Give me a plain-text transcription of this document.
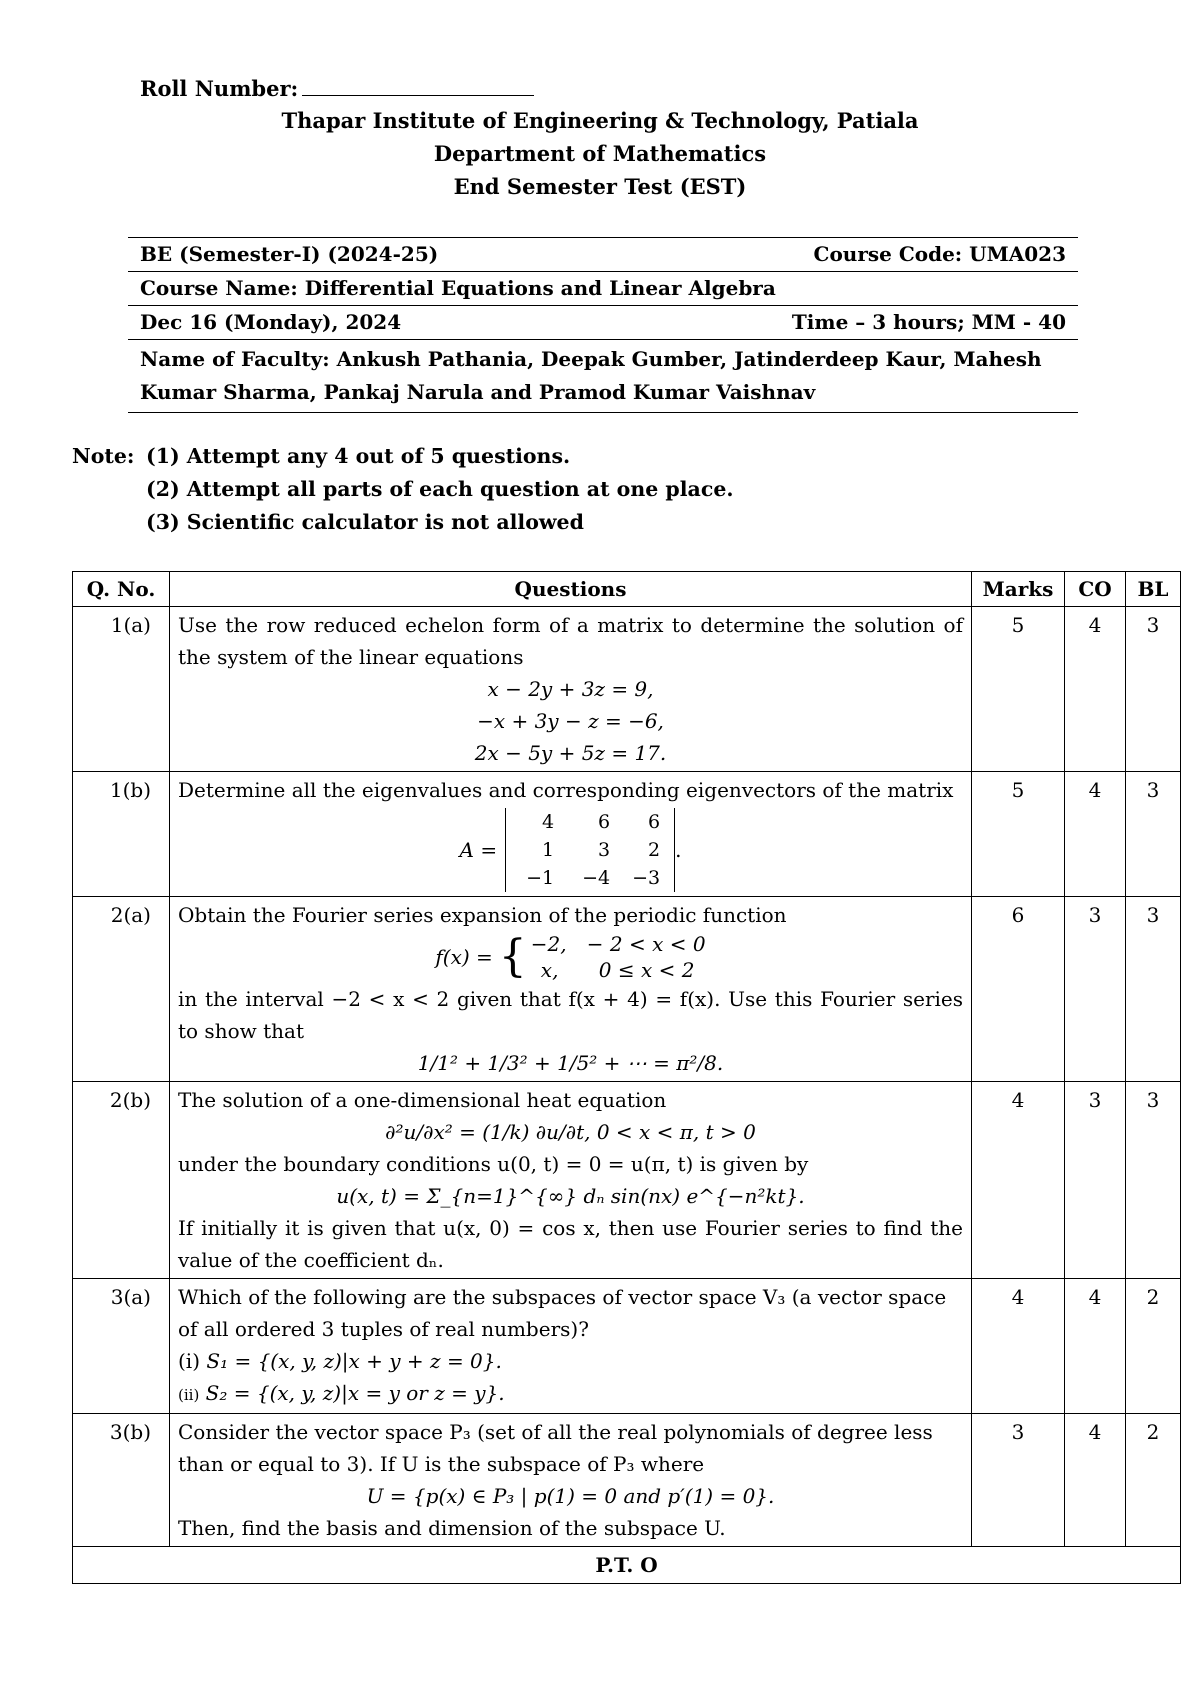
Roll Number:
Thapar Institute of Engineering & Technology, Patiala
Department of Mathematics
End Semester Test (EST)
BE (Semester-I) (2024-25)	Course Code: UMA023
Course Name: Differential Equations and Linear Algebra
Dec 16 (Monday), 2024	Time – 3 hours; MM - 40
Name of Faculty: Ankush Pathania, Deepak Gumber, Jatinderdeep Kaur, Mahesh Kumar Sharma, Pankaj Narula and Pramod Kumar Vaishnav
Note: (1) Attempt any 4 out of 5 questions.
(2) Attempt all parts of each question at one place.
(3) Scientific calculator is not allowed
Q. No.	Questions	Marks	CO	BL
1(a)	Use the row reduced echelon form of a matrix to determine the solution of the system of the linear equations
x − 2y + 3z = 9,
−x + 3y − z = −6,
2x − 5y + 5z = 17.
	5	4	3
1(b)	Determine all the eigenvalues and corresponding eigenvectors of the matrix
A =
4	6	6
1	3	2
−1	−4	−3
.
	5	4	3
2(a)	Obtain the Fourier series expansion of the periodic function
f(x) = { −2, − 2 < x < 0
x, 0 ≤ x < 2
in the interval −2 < x < 2 given that f(x + 4) = f(x). Use this Fourier series to show that
1/1² + 1/3² + 1/5² + ⋯ = π²/8.
	6	3	3
2(b)	The solution of a one-dimensional heat equation
∂²u/∂x² = (1/k) ∂u/∂t, 0 < x < π, t > 0
under the boundary conditions u(0, t) = 0 = u(π, t) is given by
u(x, t) = Σ_{n=1}^{∞} dₙ sin(nx) e^{−n²kt}.
If initially it is given that u(x, 0) = cos x, then use Fourier series to find the value of the coefficient dₙ.
	4	3	3
3(a)	Which of the following are the subspaces of vector space V₃ (a vector space of all ordered 3 tuples of real numbers)?
(i) S₁ = {(x, y, z)|x + y + z = 0}.
(ii) S₂ = {(x, y, z)|x = y or z = y}.
	4	4	2
3(b)	Consider the vector space P₃ (set of all the real polynomials of degree less than or equal to 3). If U is the subspace of P₃ where
U = {p(x) ∈ P₃ | p(1) = 0 and p′(1) = 0}.
Then, find the basis and dimension of the subspace U.
	3	4	2
P.T. O
